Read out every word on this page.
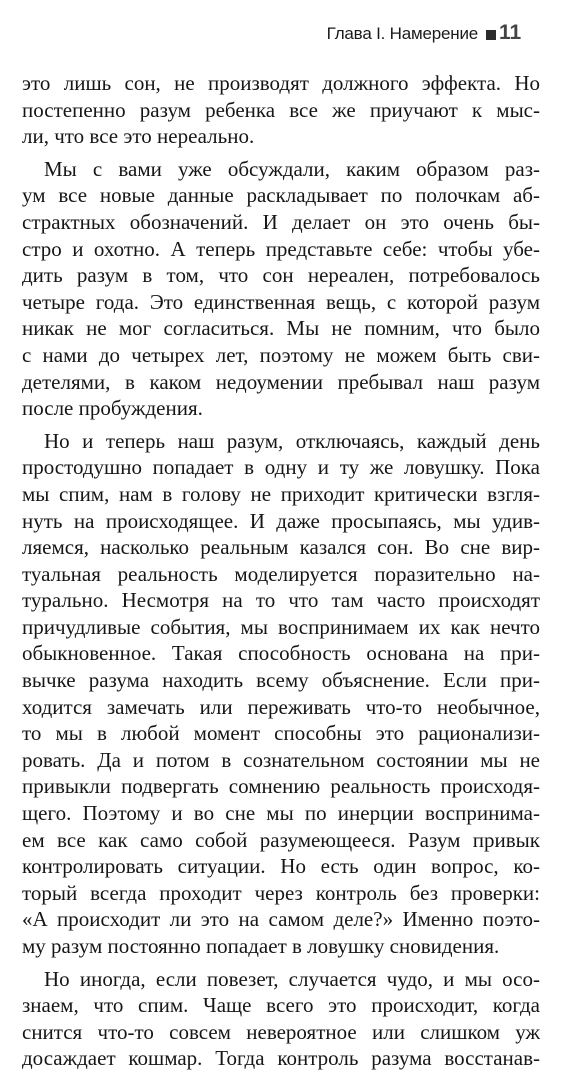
Глава I. Намерение 11
это лишь сон, не производят должного эффекта. Но
постепенно разум ребенка все же приучают к мыс-
ли, что все это нереально.
Мы с вами уже обсуждали, каким образом раз-
ум все новые данные раскладывает по полочкам аб-
страктных обозначений. И делает он это очень бы-
стро и охотно. А теперь представьте себе: чтобы убе-
дить разум в том, что сон нереален, потребовалось
четыре года. Это единственная вещь, с которой разум
никак не мог согласиться. Мы не помним, что было
с нами до четырех лет, поэтому не можем быть сви-
детелями, в каком недоумении пребывал наш разум
после пробуждения.
Но и теперь наш разум, отключаясь, каждый день
простодушно попадает в одну и ту же ловушку. Пока
мы спим, нам в голову не приходит критически взгля-
нуть на происходящее. И даже просыпаясь, мы удив-
ляемся, насколько реальным казался сон. Во сне вир-
туальная реальность моделируется поразительно на-
турально. Несмотря на то что там часто происходят
причудливые события, мы воспринимаем их как нечто
обыкновенное. Такая способность основана на при-
вычке разума находить всему объяснение. Если при-
ходится замечать или переживать что-то необычное,
то мы в любой момент способны это рационализи-
ровать. Да и потом в сознательном состоянии мы не
привыкли подвергать сомнению реальность происходя-
щего. Поэтому и во сне мы по инерции воспринима-
ем все как само собой разумеющееся. Разум привык
контролировать ситуации. Но есть один вопрос, ко-
торый всегда проходит через контроль без проверки:
«А происходит ли это на самом деле?» Именно поэто-
му разум постоянно попадает в ловушку сновидения.
Но иногда, если повезет, случается чудо, и мы осо-
знаем, что спим. Чаще всего это происходит, когда
снится что-то совсем невероятное или слишком уж
досаждает кошмар. Тогда контроль разума восстанав-
